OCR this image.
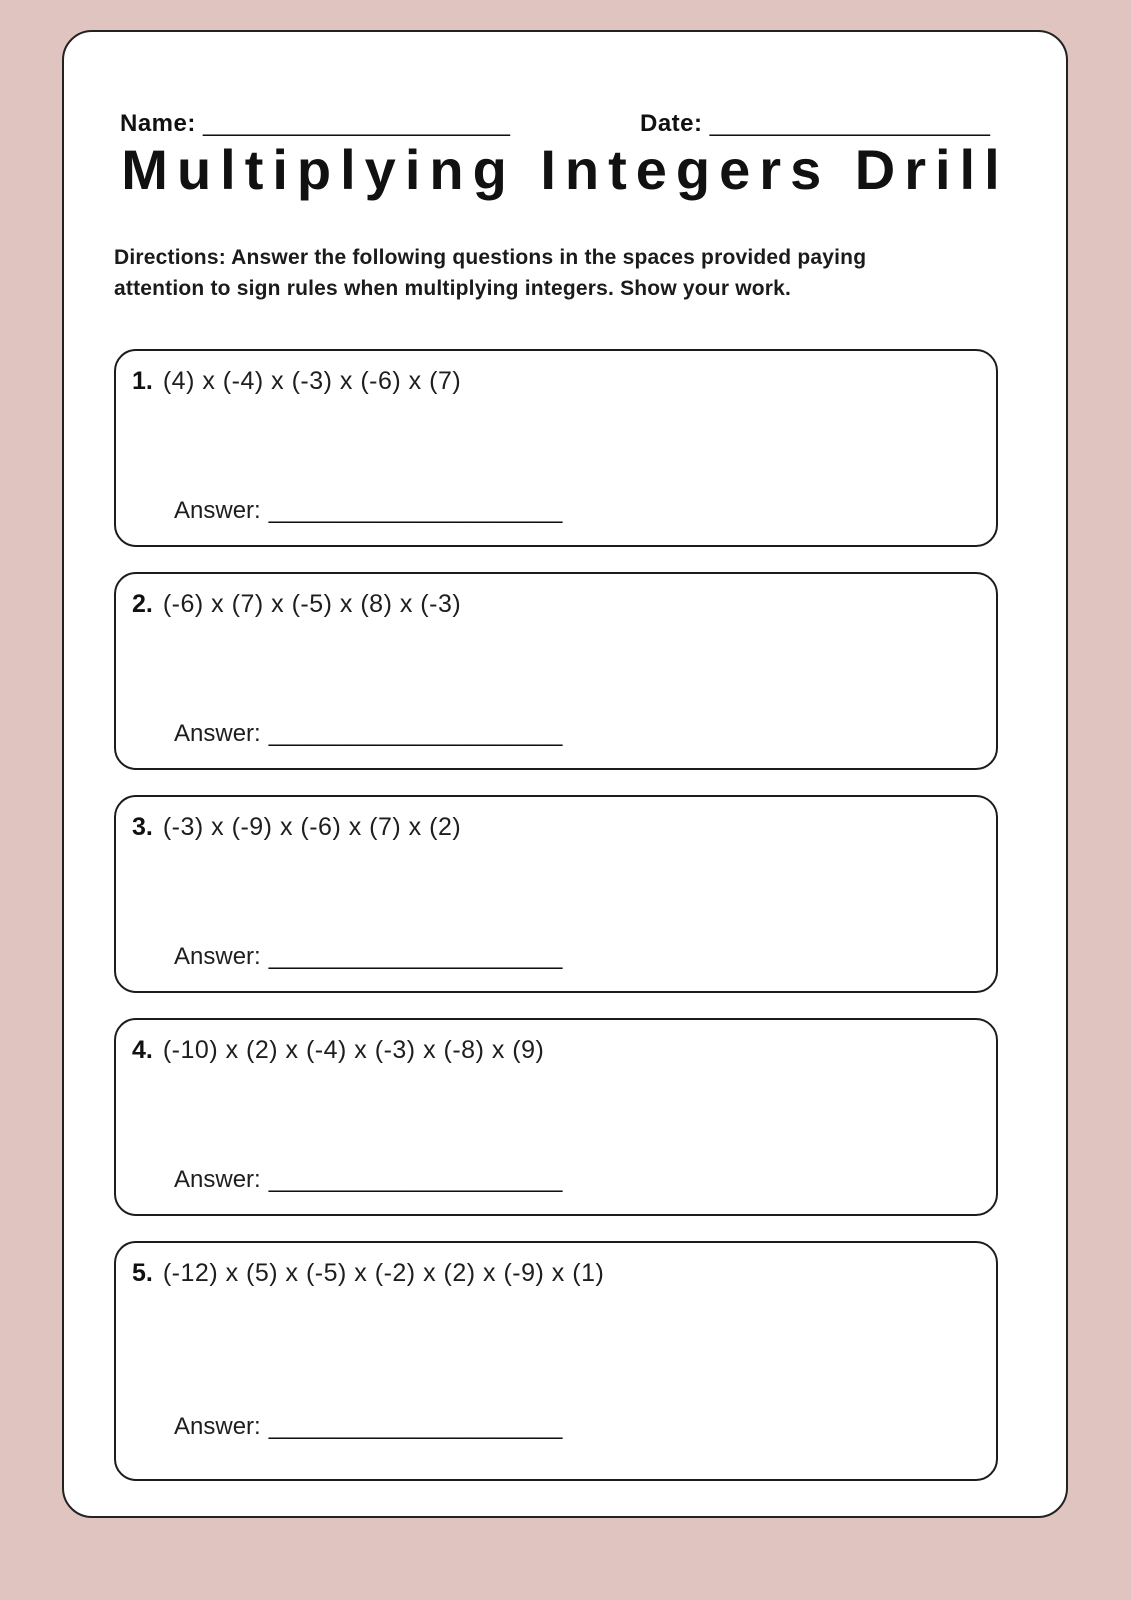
Name: _______________________	Date: _____________________
Multiplying Integers Drill
Directions: Answer the following questions in the spaces provided paying attention to sign rules when multiplying integers. Show your work.
1. (4) x (-4) x (-3) x (-6) x (7)
Answer: ______________________
2. (-6) x (7) x (-5) x (8) x (-3)
Answer: ______________________
3. (-3) x (-9) x (-6) x (7) x (2)
Answer: ______________________
4. (-10) x (2) x (-4) x (-3) x (-8) x (9)
Answer: ______________________
5. (-12) x (5) x (-5) x (-2) x (2) x (-9) x (1)
Answer: ______________________
